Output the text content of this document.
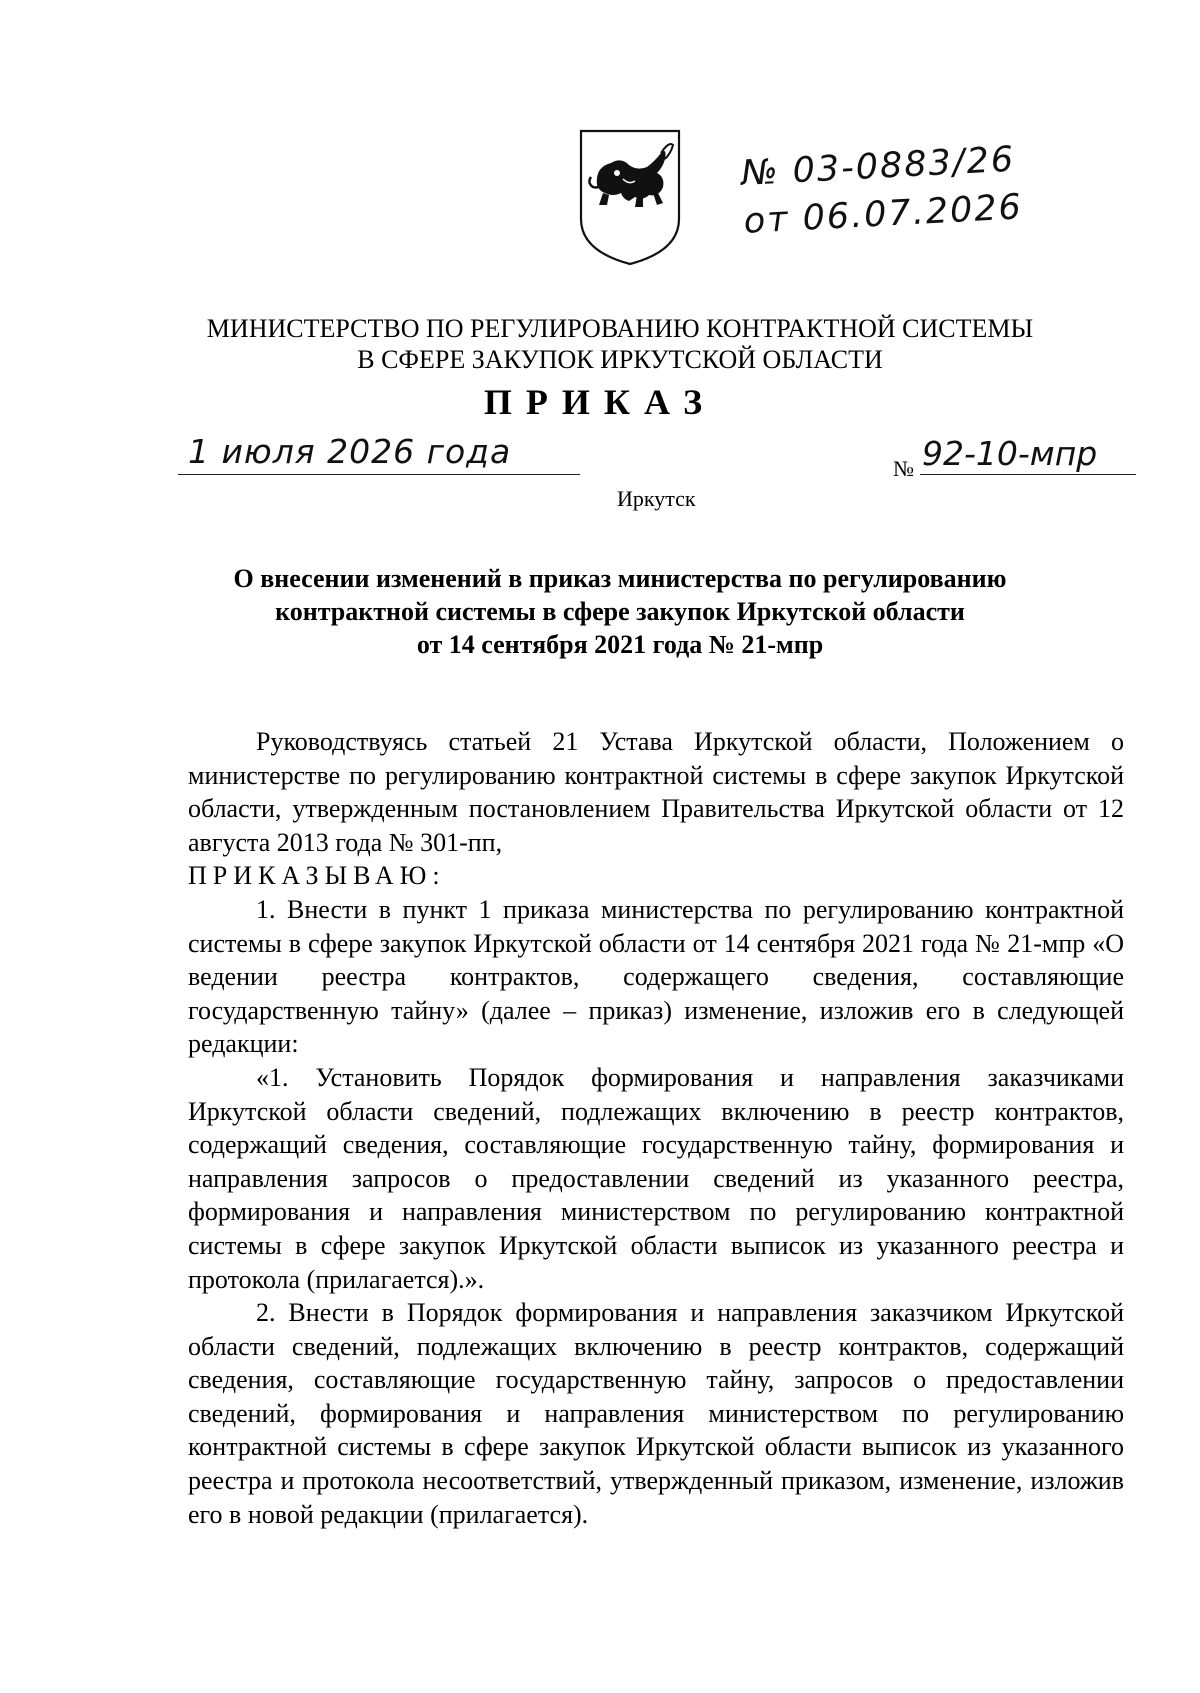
№ 03-0883/26
от 06.07.2026
МИНИСТЕРСТВО ПО РЕГУЛИРОВАНИЮ КОНТРАКТНОЙ СИСТЕМЫ
В СФЕРЕ ЗАКУПОК ИРКУТСКОЙ ОБЛАСТИ
ПРИКАЗ
1 июля 2026 года	№ 92-10-мпр
Иркутск
О внесении изменений в приказ министерства по регулированию
контрактной системы в сфере закупок Иркутской области
от 14 сентября 2021 года № 21-мпр

Руководствуясь статьей 21 Устава Иркутской области, Положением о министерстве по регулированию контрактной системы в сфере закупок Иркутской области, утвержденным постановлением Правительства Иркутской области от 12 августа 2013 года № 301-пп,

ПРИКАЗЫВАЮ:

1. Внести в пункт 1 приказа министерства по регулированию контрактной системы в сфере закупок Иркутской области от 14 сентября 2021 года № 21-мпр «О ведении реестра контрактов, содержащего сведения, составляющие государственную тайну» (далее – приказ) изменение, изложив его в следующей редакции:

«1. Установить Порядок формирования и направления заказчиками Иркутской области сведений, подлежащих включению в реестр контрактов, содержащий сведения, составляющие государственную тайну, формирования и направления запросов о предоставлении сведений из указанного реестра, формирования и направления министерством по регулированию контрактной системы в сфере закупок Иркутской области выписок из указанного реестра и протокола (прилагается).».

2. Внести в Порядок формирования и направления заказчиком Иркутской области сведений, подлежащих включению в реестр контрактов, содержащий сведения, составляющие государственную тайну, запросов о предоставлении сведений, формирования и направления министерством по регулированию контрактной системы в сфере закупок Иркутской области выписок из указанного реестра и протокола несоответствий, утвержденный приказом, изменение, изложив его в новой редакции (прилагается).
